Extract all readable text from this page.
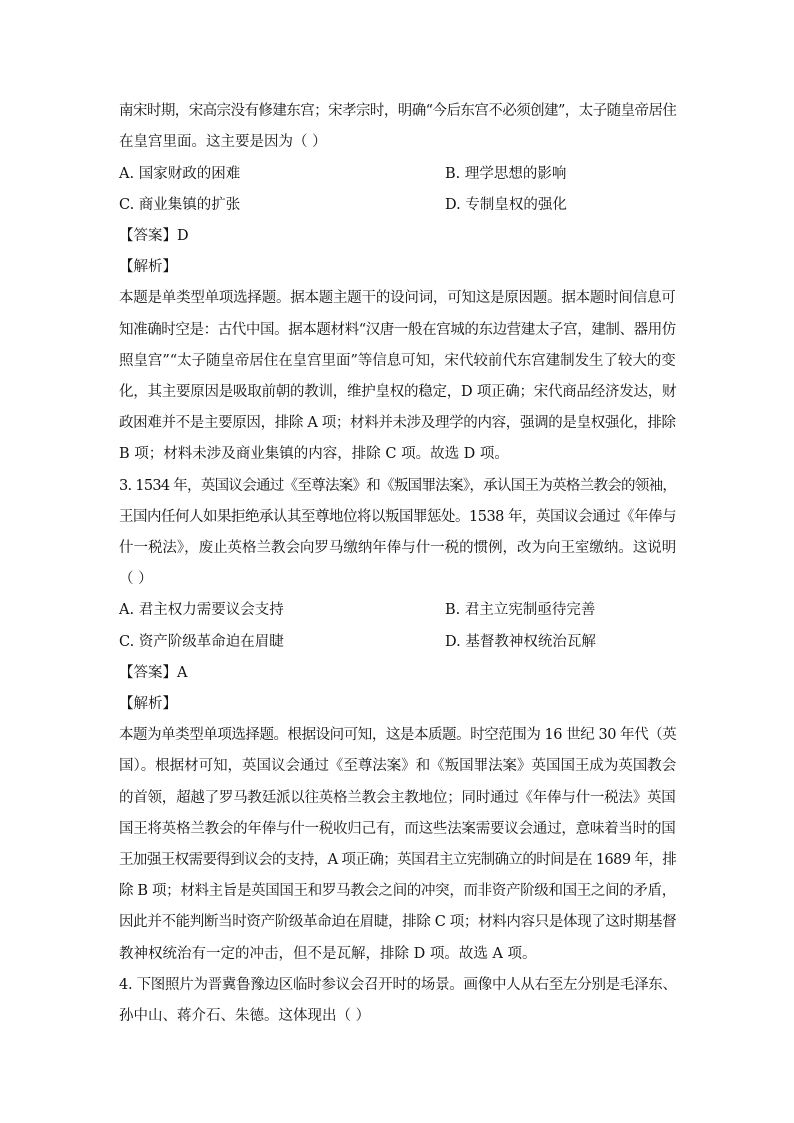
南宋时期，宋高宗没有修建东宫；宋孝宗时，明确“今后东宫不必须创建”，太子随皇帝居住
在皇宫里面。这主要是因为（ ）
A. 国家财政的困难	B. 理学思想的影响
C. 商业集镇的扩张	D. 专制皇权的强化
【答案】D
【解析】
本题是单类型单项选择题。据本题主题干的设问词，可知这是原因题。据本题时间信息可
知准确时空是：古代中国。据本题材料“汉唐一般在宫城的东边营建太子宫，建制、器用仿
照皇宫”“太子随皇帝居住在皇宫里面”等信息可知，宋代较前代东宫建制发生了较大的变
化，其主要原因是吸取前朝的教训，维护皇权的稳定，D 项正确；宋代商品经济发达，财
政困难并不是主要原因，排除 A 项；材料并未涉及理学的内容，强调的是皇权强化，排除
B 项；材料未涉及商业集镇的内容，排除 C 项。故选 D 项。
3. 1534 年，英国议会通过《至尊法案》和《叛国罪法案》，承认国王为英格兰教会的领袖，
王国内任何人如果拒绝承认其至尊地位将以叛国罪惩处。1538 年，英国议会通过《年俸与
什一税法》，废止英格兰教会向罗马缴纳年俸与什一税的惯例，改为向王室缴纳。这说明
（ ）
A. 君主权力需要议会支持	B. 君主立宪制亟待完善
C. 资产阶级革命迫在眉睫	D. 基督教神权统治瓦解
【答案】A
【解析】
本题为单类型单项选择题。根据设问可知，这是本质题。时空范围为 16 世纪 30 年代（英
国）。根据材可知，英国议会通过《至尊法案》和《叛国罪法案》英国国王成为英国教会
的首领，超越了罗马教廷派以往英格兰教会主教地位；同时通过《年俸与什一税法》英国
国王将英格兰教会的年俸与什一税收归己有，而这些法案需要议会通过，意味着当时的国
王加强王权需要得到议会的支持，A 项正确；英国君主立宪制确立的时间是在 1689 年，排
除 B 项；材料主旨是英国国王和罗马教会之间的冲突，而非资产阶级和国王之间的矛盾，
因此并不能判断当时资产阶级革命迫在眉睫，排除 C 项；材料内容只是体现了这时期基督
教神权统治有一定的冲击，但不是瓦解，排除 D 项。故选 A 项。
4. 下图照片为晋冀鲁豫边区临时参议会召开时的场景。画像中人从右至左分别是毛泽东、
孙中山、蒋介石、朱德。这体现出（ ）
